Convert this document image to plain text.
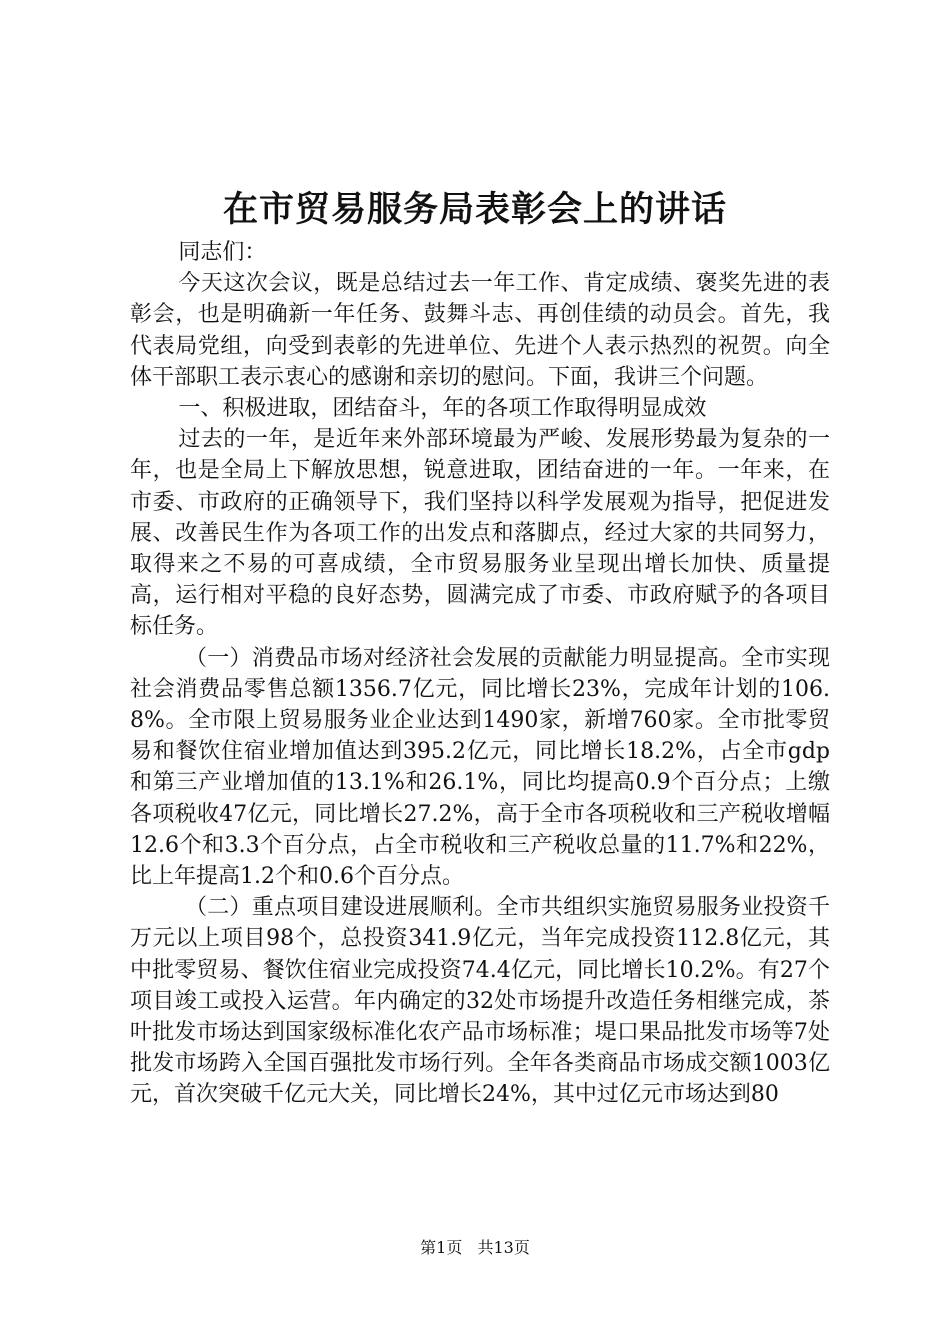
在市贸易服务局表彰会上的讲话

同志们：

今天这次会议，既是总结过去一年工作、肯定成绩、褒奖先进的表彰会，也是明确新一年任务、鼓舞斗志、再创佳绩的动员会。首先，我代表局党组，向受到表彰的先进单位、先进个人表示热烈的祝贺。向全体干部职工表示衷心的感谢和亲切的慰问。下面，我讲三个问题。

一、积极进取，团结奋斗，年的各项工作取得明显成效

过去的一年，是近年来外部环境最为严峻、发展形势最为复杂的一年，也是全局上下解放思想，锐意进取，团结奋进的一年。一年来，在市委、市政府的正确领导下，我们坚持以科学发展观为指导，把促进发展、改善民生作为各项工作的出发点和落脚点，经过大家的共同努力，取得来之不易的可喜成绩，全市贸易服务业呈现出增长加快、质量提高，运行相对平稳的良好态势，圆满完成了市委、市政府赋予的各项目标任务。

（一）消费品市场对经济社会发展的贡献能力明显提高。全市实现社会消费品零售总额1356.7亿元，同比增长23%，完成年计划的106.8%。全市限上贸易服务业企业达到1490家，新增760家。全市批零贸易和餐饮住宿业增加值达到395.2亿元，同比增长18.2%，占全市gdp和第三产业增加值的13.1%和26.1%，同比均提高0.9个百分点；上缴各项税收47亿元，同比增长27.2%，高于全市各项税收和三产税收增幅12.6个和3.3个百分点，占全市税收和三产税收总量的11.7%和22%，比上年提高1.2个和0.6个百分点。

（二）重点项目建设进展顺利。全市共组织实施贸易服务业投资千万元以上项目98个，总投资341.9亿元，当年完成投资112.8亿元，其中批零贸易、餐饮住宿业完成投资74.4亿元，同比增长10.2%。有27个项目竣工或投入运营。年内确定的32处市场提升改造任务相继完成，茶叶批发市场达到国家级标准化农产品市场标准；堤口果品批发市场等7处批发市场跨入全国百强批发市场行列。全年各类商品市场成交额1003亿元，首次突破千亿元大关，同比增长24%，其中过亿元市场达到80

第1页 共13页
